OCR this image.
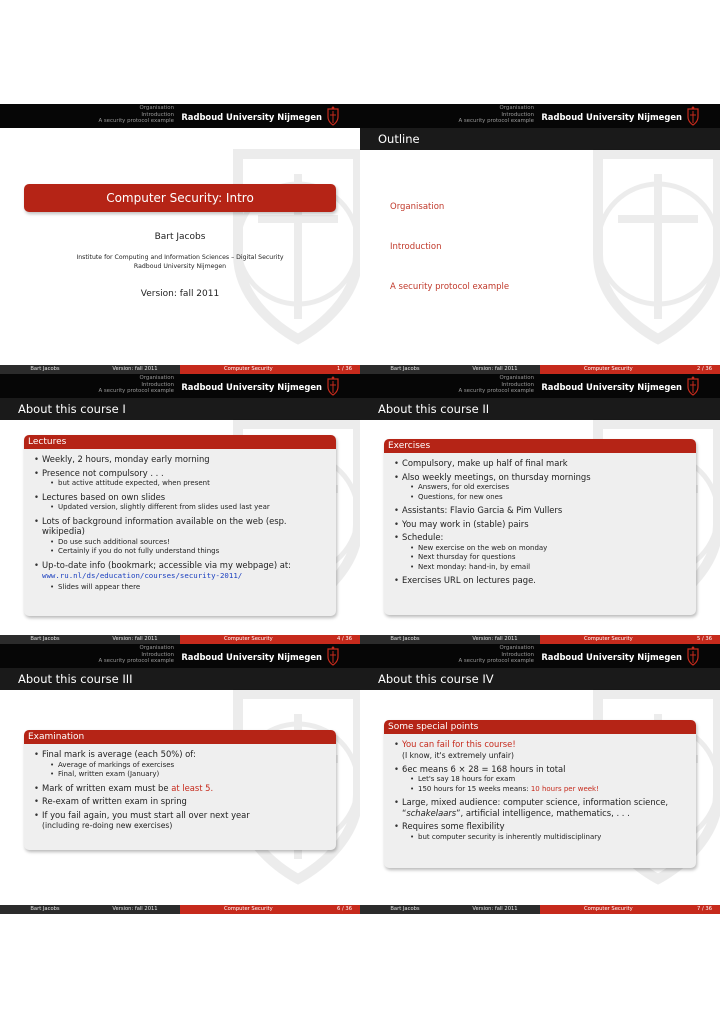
Organisation
Introduction
A security protocol example Radboud University Nijmegen
Computer Security: Intro
Bart Jacobs
Institute for Computing and Information Sciences – Digital Security
Radboud University Nijmegen
Version: fall 2011
Bart Jacobs	Version: fall 2011	Computer Security	1 / 36
Organisation
Introduction
A security protocol example Radboud University Nijmegen
Outline
Organisation
Introduction
A security protocol example
Bart Jacobs	Version: fall 2011	Computer Security	2 / 36
Organisation
Introduction
A security protocol example Radboud University Nijmegen
About this course I
Lectures
• Weekly, 2 hours, monday early morning
• Presence not compulsory . . .
• but active attitude expected, when present
• Lectures based on own slides
• Updated version, slightly different from slides used last year
• Lots of background information available on the web (esp. wikipedia)
• Do use such additional sources!
• Certainly if you do not fully understand things
• Up-to-date info (bookmark; accessible via my webpage) at:
www.ru.nl/ds/education/courses/security-2011/
• Slides will appear there
Bart Jacobs	Version: fall 2011	Computer Security	4 / 36
Organisation
Introduction
A security protocol example Radboud University Nijmegen
About this course II
Exercises
• Compulsory, make up half of final mark
• Also weekly meetings, on thursday mornings
• Answers, for old exercises
• Questions, for new ones
• Assistants: Flavio Garcia & Pim Vullers
• You may work in (stable) pairs
• Schedule:
• New exercise on the web on monday
• Next thursday for questions
• Next monday: hand-in, by email
• Exercises URL on lectures page.
Bart Jacobs	Version: fall 2011	Computer Security	5 / 36
Organisation
Introduction
A security protocol example Radboud University Nijmegen
About this course III
Examination
• Final mark is average (each 50%) of:
• Average of markings of exercises
• Final, written exam (January)
• Mark of written exam must be at least 5.
• Re-exam of written exam in spring
• If you fail again, you must start all over next year
(including re-doing new exercises)
Bart Jacobs	Version: fall 2011	Computer Security	6 / 36
Organisation
Introduction
A security protocol example Radboud University Nijmegen
About this course IV
Some special points
• You can fail for this course!
(I know, it's extremely unfair)
• 6ec means 6 × 28 = 168 hours in total
• Let's say 18 hours for exam
• 150 hours for 15 weeks means: 10 hours per week!
• Large, mixed audience: computer science, information science, “schakelaars”, artificial intelligence, mathematics, . . .
• Requires some flexibility
• but computer security is inherently multidisciplinary
Bart Jacobs	Version: fall 2011	Computer Security	7 / 36
